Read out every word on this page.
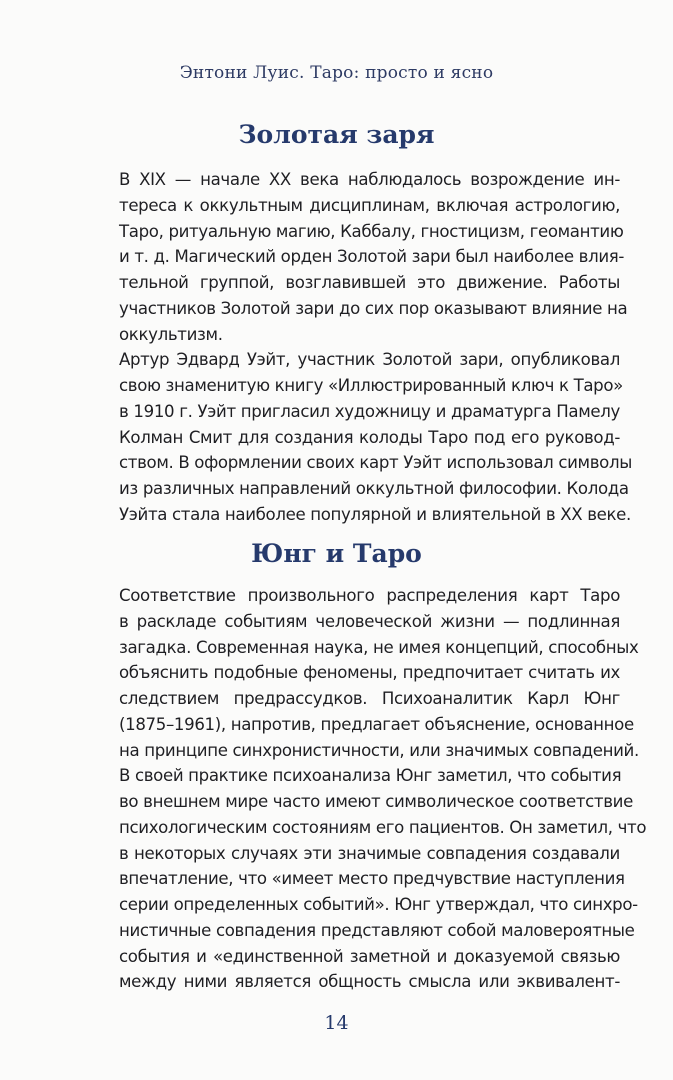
Энтони Луис. Таро: просто и ясно
Золотая заря

В XIX — начале XX века наблюдалось возрождение ин-
тереса к оккультным дисциплинам, включая астрологию,
Таро, ритуальную магию, Каббалу, гностицизм, геомантию
и т. д. Магический орден Золотой зари был наиболее влия-
тельной группой, возглавившей это движение. Работы
участников Золотой зари до сих пор оказывают влияние на
оккультизм.

Артур Эдвард Уэйт, участник Золотой зари, опубликовал
свою знаменитую книгу «Иллюстрированный ключ к Таро»
в 1910 г. Уэйт пригласил художницу и драматурга Памелу
Колман Смит для создания колоды Таро под его руковод-
ством. В оформлении своих карт Уэйт использовал символы
из различных направлений оккультной философии. Колода
Уэйта стала наиболее популярной и влиятельной в XX веке.

Юнг и Таро

Соответствие произвольного распределения карт Таро
в раскладе событиям человеческой жизни — подлинная
загадка. Современная наука, не имея концепций, способных
объяснить подобные феномены, предпочитает считать их
следствием предрассудков. Психоаналитик Карл Юнг
(1875–1961), напротив, предлагает объяснение, основанное
на принципе синхронистичности, или значимых совпадений.

В своей практике психоанализа Юнг заметил, что события
во внешнем мире часто имеют символическое соответствие
психологическим состояниям его пациентов. Он заметил, что
в некоторых случаях эти значимые совпадения создавали
впечатление, что «имеет место предчувствие наступления
серии определенных событий». Юнг утверждал, что синхро-
нистичные совпадения представляют собой маловероятные
события и «единственной заметной и доказуемой связью
между ними является общность смысла или эквивалент-

14
